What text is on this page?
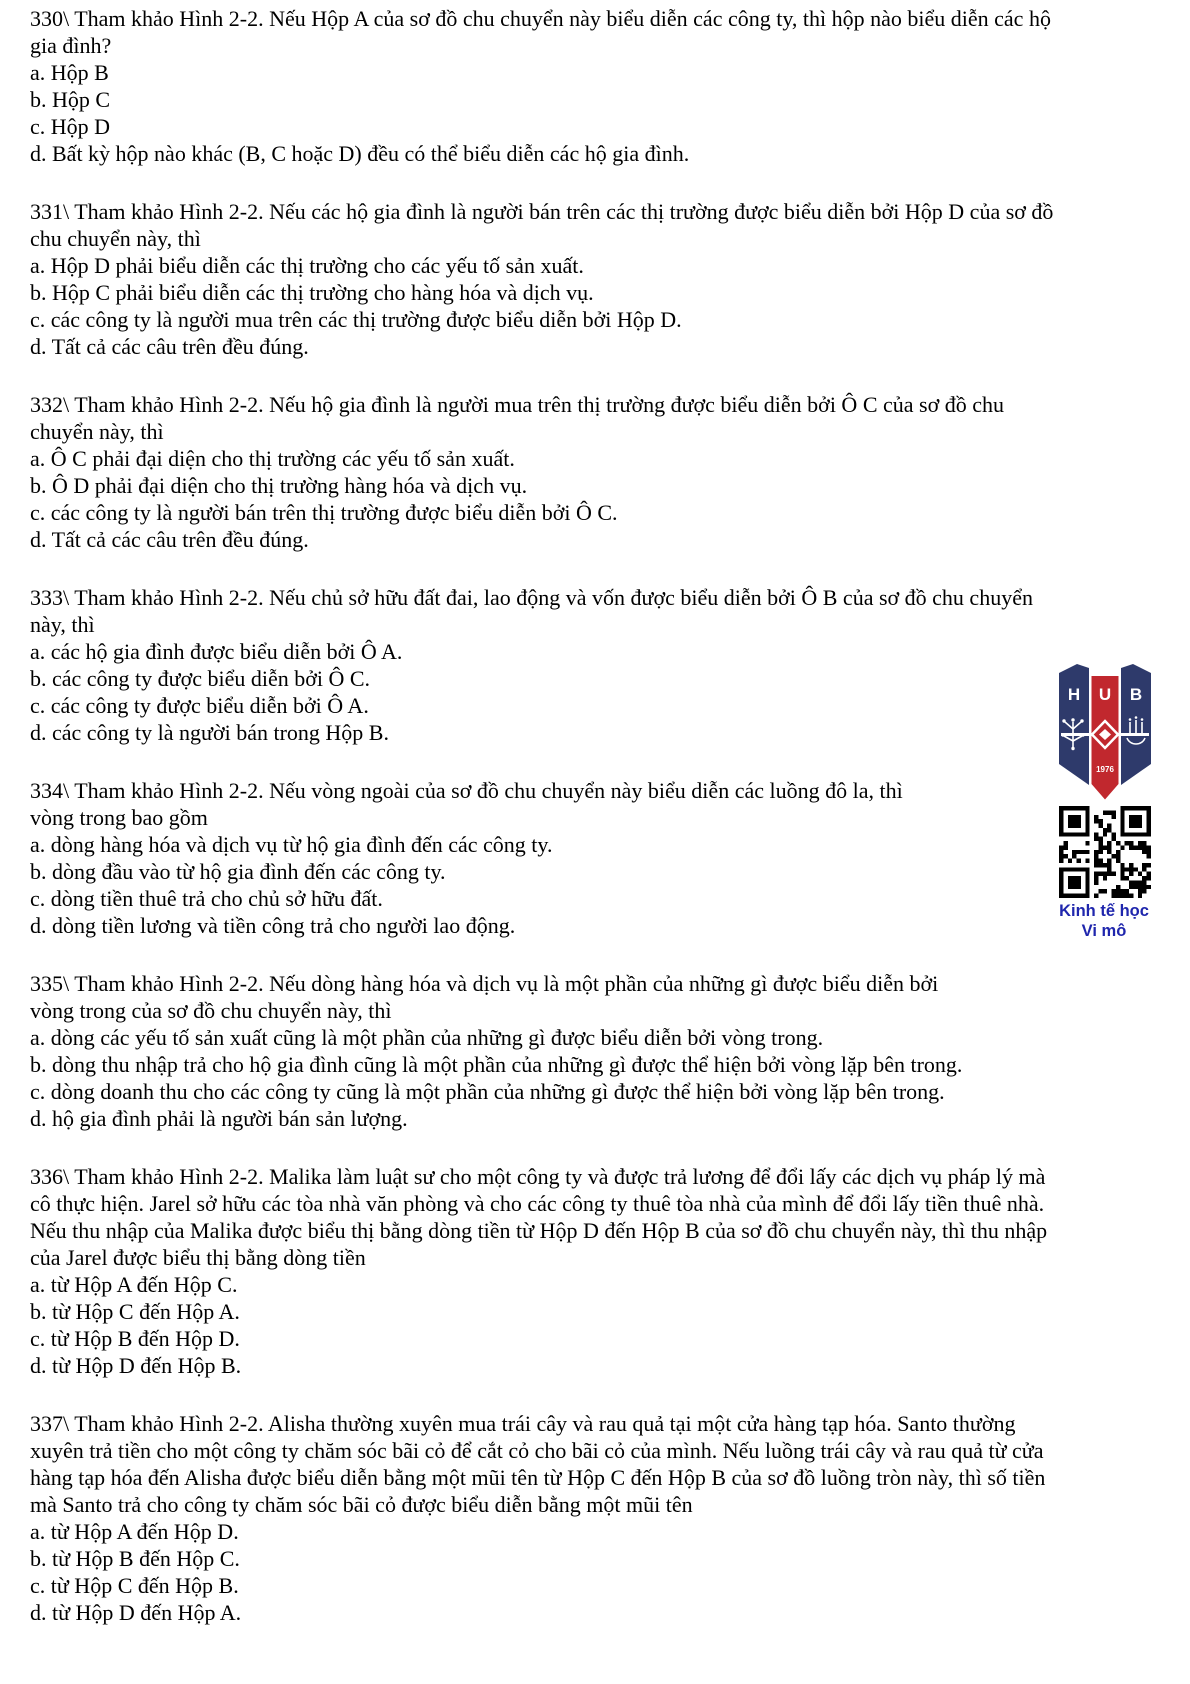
330\ Tham khảo Hình 2-2. Nếu Hộp A của sơ đồ chu chuyển này biểu diễn các công ty, thì hộp nào biểu diễn các hộ
gia đình?
a. Hộp B
b. Hộp C
c. Hộp D
d. Bất kỳ hộp nào khác (B, C hoặc D) đều có thể biểu diễn các hộ gia đình.
331\ Tham khảo Hình 2-2. Nếu các hộ gia đình là người bán trên các thị trường được biểu diễn bởi Hộp D của sơ đồ
chu chuyển này, thì
a. Hộp D phải biểu diễn các thị trường cho các yếu tố sản xuất.
b. Hộp C phải biểu diễn các thị trường cho hàng hóa và dịch vụ.
c. các công ty là người mua trên các thị trường được biểu diễn bởi Hộp D.
d. Tất cả các câu trên đều đúng.
332\ Tham khảo Hình 2-2. Nếu hộ gia đình là người mua trên thị trường được biểu diễn bởi Ô C của sơ đồ chu
chuyển này, thì
a. Ô C phải đại diện cho thị trường các yếu tố sản xuất.
b. Ô D phải đại diện cho thị trường hàng hóa và dịch vụ.
c. các công ty là người bán trên thị trường được biểu diễn bởi Ô C.
d. Tất cả các câu trên đều đúng.
333\ Tham khảo Hình 2-2. Nếu chủ sở hữu đất đai, lao động và vốn được biểu diễn bởi Ô B của sơ đồ chu chuyển
này, thì
a. các hộ gia đình được biểu diễn bởi Ô A.
b. các công ty được biểu diễn bởi Ô C.
c. các công ty được biểu diễn bởi Ô A.
d. các công ty là người bán trong Hộp B.
334\ Tham khảo Hình 2-2. Nếu vòng ngoài của sơ đồ chu chuyển này biểu diễn các luồng đô la, thì
vòng trong bao gồm
a. dòng hàng hóa và dịch vụ từ hộ gia đình đến các công ty.
b. dòng đầu vào từ hộ gia đình đến các công ty.
c. dòng tiền thuê trả cho chủ sở hữu đất.
d. dòng tiền lương và tiền công trả cho người lao động.
335\ Tham khảo Hình 2-2. Nếu dòng hàng hóa và dịch vụ là một phần của những gì được biểu diễn bởi
vòng trong của sơ đồ chu chuyển này, thì
a. dòng các yếu tố sản xuất cũng là một phần của những gì được biểu diễn bởi vòng trong.
b. dòng thu nhập trả cho hộ gia đình cũng là một phần của những gì được thể hiện bởi vòng lặp bên trong.
c. dòng doanh thu cho các công ty cũng là một phần của những gì được thể hiện bởi vòng lặp bên trong.
d. hộ gia đình phải là người bán sản lượng.
336\ Tham khảo Hình 2-2. Malika làm luật sư cho một công ty và được trả lương để đổi lấy các dịch vụ pháp lý mà
cô thực hiện. Jarel sở hữu các tòa nhà văn phòng và cho các công ty thuê tòa nhà của mình để đổi lấy tiền thuê nhà.
Nếu thu nhập của Malika được biểu thị bằng dòng tiền từ Hộp D đến Hộp B của sơ đồ chu chuyển này, thì thu nhập
của Jarel được biểu thị bằng dòng tiền
a. từ Hộp A đến Hộp C.
b. từ Hộp C đến Hộp A.
c. từ Hộp B đến Hộp D.
d. từ Hộp D đến Hộp B.
337\ Tham khảo Hình 2-2. Alisha thường xuyên mua trái cây và rau quả tại một cửa hàng tạp hóa. Santo thường
xuyên trả tiền cho một công ty chăm sóc bãi cỏ để cắt cỏ cho bãi cỏ của mình. Nếu luồng trái cây và rau quả từ cửa
hàng tạp hóa đến Alisha được biểu diễn bằng một mũi tên từ Hộp C đến Hộp B của sơ đồ luồng tròn này, thì số tiền
mà Santo trả cho công ty chăm sóc bãi cỏ được biểu diễn bằng một mũi tên
a. từ Hộp A đến Hộp D.
b. từ Hộp B đến Hộp C.
c. từ Hộp C đến Hộp B.
d. từ Hộp D đến Hộp A.
H U B
1976
Kinh tế học
Vi mô
